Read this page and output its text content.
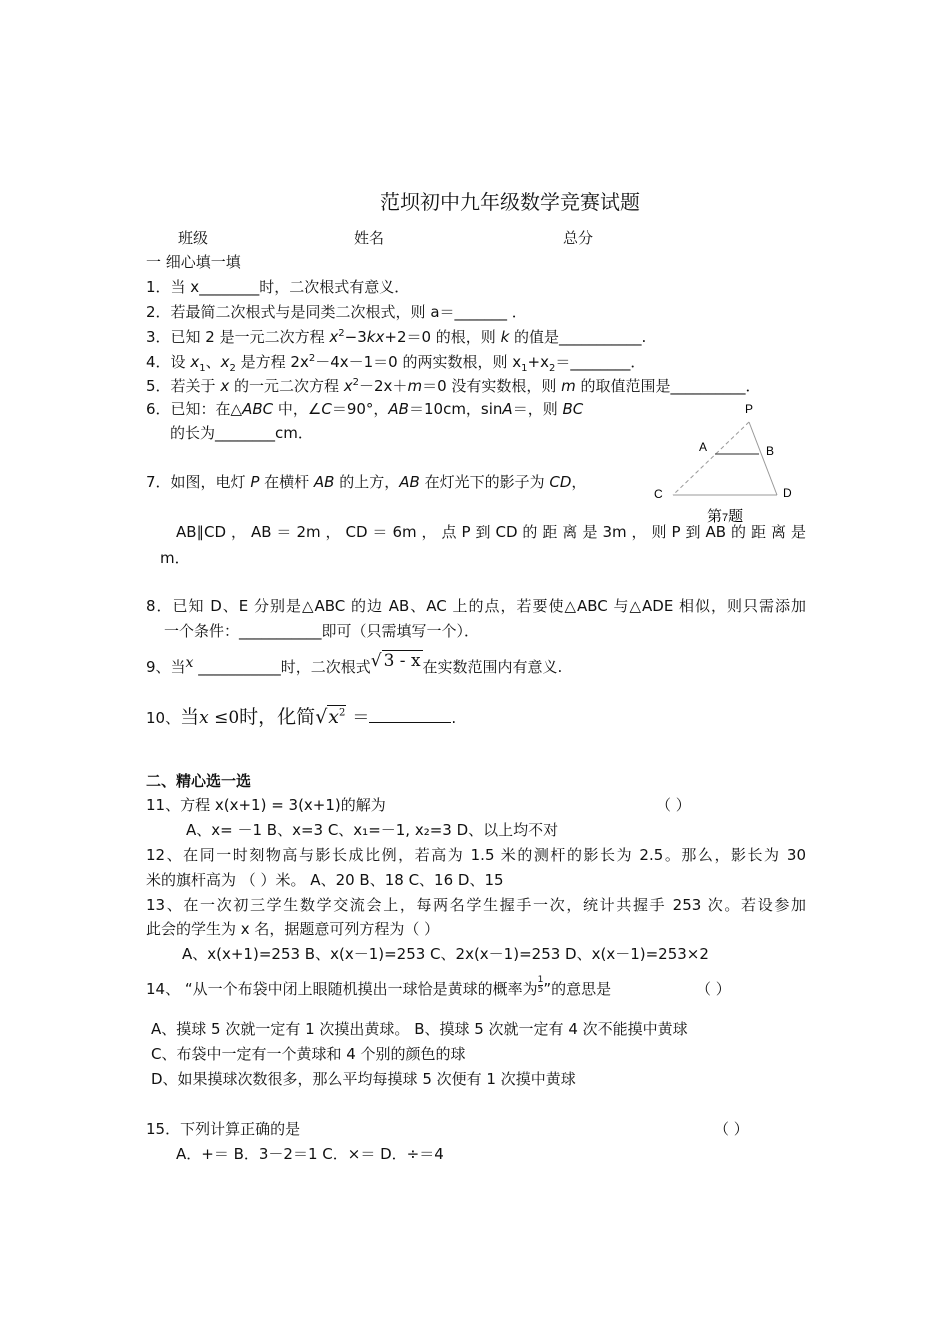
范坝初中九年级数学竞赛试题
班级	姓名	总分
一 细心填一填
1．当 x________时，二次根式有意义．
2．若最简二次根式与是同类二次根式，则 a＝_______ ．
3．已知 2 是一元二次方程 $x^2-3kx+2=0$ 的根，则 k 的值是___________.
4．设 $x_1$、$x_2$ 是方程 $2x^2-4x-1=0$ 的两实数根，则 $x_1+x_2=\_\_\_\_\_\_\_\_$．
5．若关于 x 的一元二次方程 $x^2-2x+m=0$ 没有实数根，则 m 的取值范围是__________．
6．已知：在△ABC 中，∠C＝90°，AB＝10cm，sinA＝，则 BC
的长为________cm．
7．如图，电灯 P 在横杆 AB 的上方，AB 在灯光下的影子为 CD，
AB∥CD ， AB ＝ 2m ， CD ＝ 6m ， 点 P 到 CD 的 距 离 是 3m ， 则 P 到 AB 的 距 离 是
m．
P
A	B
C	D
第7题
8．已知 D、E 分别是△ABC 的边 AB、AC 上的点，若要使△ABC 与△ADE 相似，则只需添加
一个条件：___________即可（只需填写一个）．
9、当x ___________时，二次根式√ 3 - x 在实数范围内有意义.
10、当x ≤0时，化简$√x^2$ ＝	.
二、精心选一选
11、方程 x(x+1) = 3(x+1)的解为	（ ）
A、x= －1 B、x=3 C、x₁=－1, x₂=3 D、以上均不对
12、在同一时刻物高与影长成比例，若高为 1.5 米的测杆的影长为 2.5。那么，影长为 30
米的旗杆高为 （ ）米。 A、20 B、18 C、16 D、15
13、在一次初三学生数学交流会上，每两名学生握手一次，统计共握手 253 次。若设参加
此会的学生为 x 名，据题意可列方程为（ ）
A、x(x+1)=253 B、x(x－1)=253 C、2x(x－1)=253 D、x(x－1)=253×2
14、 “从一个布袋中闭上眼随机摸出一球恰是黄球的概率为 $\frac{1}{5}$ ”的意思是	（ ）
A、摸球 5 次就一定有 1 次摸出黄球。 B、摸球 5 次就一定有 4 次不能摸中黄球
C、布袋中一定有一个黄球和 4 个别的颜色的球
D、如果摸球次数很多，那么平均每摸球 5 次便有 1 次摸中黄球
15．下列计算正确的是	（ ）
A．+＝ B．3－2＝1 C．×＝ D．÷＝4
